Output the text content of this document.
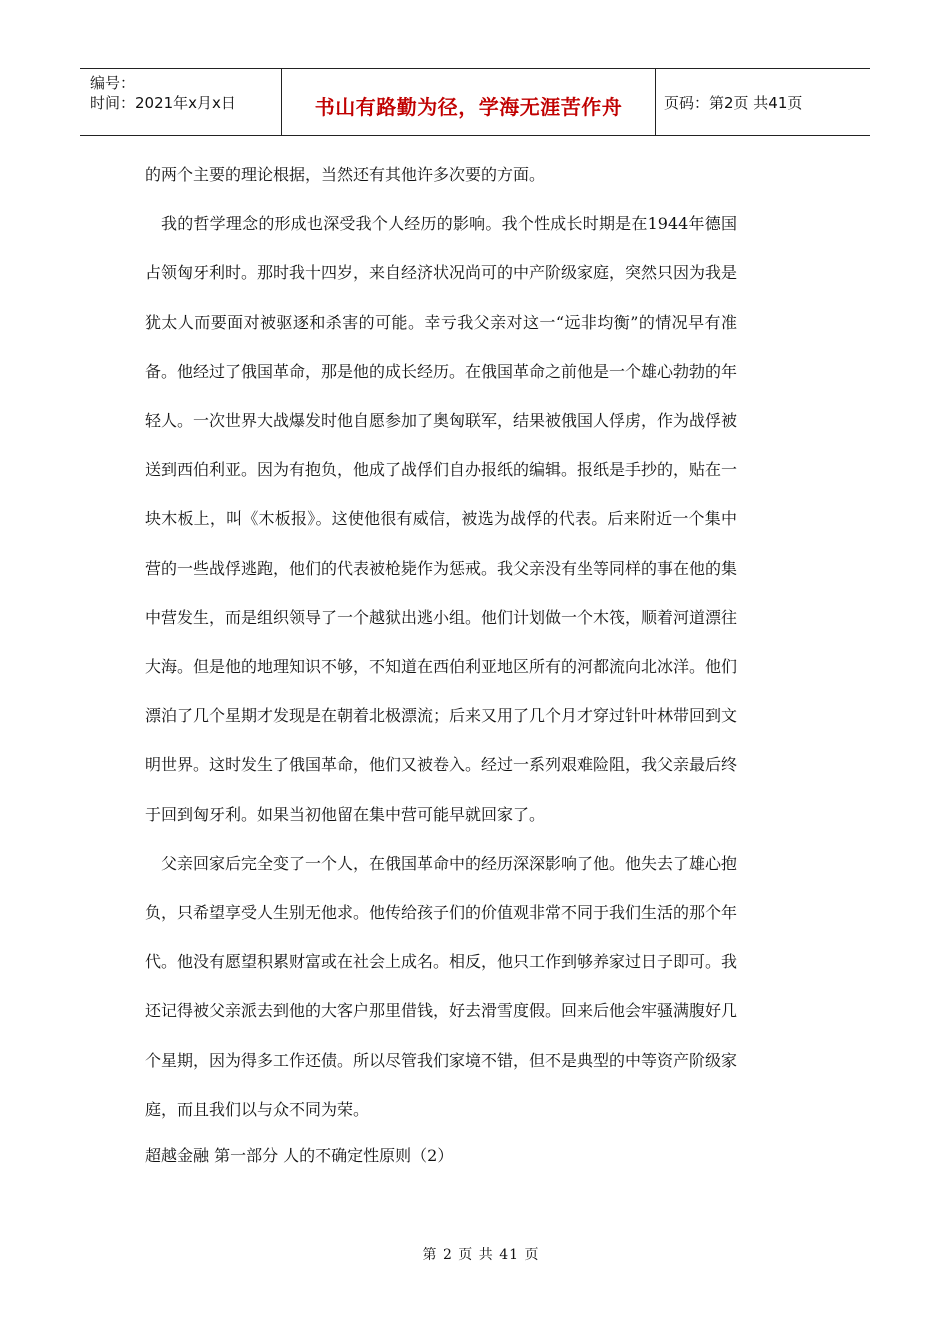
编号：
时间：2021年x月x日	书山有路勤为径，学海无涯苦作舟	页码：第2页 共41页

的两个主要的理论根据，当然还有其他许多次要的方面。

我的哲学理念的形成也深受我个人经历的影响。我个性成长时期是在1944年德国占领匈牙利时。那时我十四岁，来自经济状况尚可的中产阶级家庭，突然只因为我是犹太人而要面对被驱逐和杀害的可能。幸亏我父亲对这一“远非均衡”的情况早有准备。他经过了俄国革命，那是他的成长经历。在俄国革命之前他是一个雄心勃勃的年轻人。一次世界大战爆发时他自愿参加了奥匈联军，结果被俄国人俘虏，作为战俘被送到西伯利亚。因为有抱负，他成了战俘们自办报纸的编辑。报纸是手抄的，贴在一块木板上，叫《木板报》。这使他很有威信，被选为战俘的代表。后来附近一个集中营的一些战俘逃跑，他们的代表被枪毙作为惩戒。我父亲没有坐等同样的事在他的集中营发生，而是组织领导了一个越狱出逃小组。他们计划做一个木筏，顺着河道漂往大海。但是他的地理知识不够，不知道在西伯利亚地区所有的河都流向北冰洋。他们漂泊了几个星期才发现是在朝着北极漂流；后来又用了几个月才穿过针叶林带回到文明世界。这时发生了俄国革命，他们又被卷入。经过一系列艰难险阻，我父亲最后终于回到匈牙利。如果当初他留在集中营可能早就回家了。

父亲回家后完全变了一个人，在俄国革命中的经历深深影响了他。他失去了雄心抱负，只希望享受人生别无他求。他传给孩子们的价值观非常不同于我们生活的那个年代。他没有愿望积累财富或在社会上成名。相反，他只工作到够养家过日子即可。我还记得被父亲派去到他的大客户那里借钱，好去滑雪度假。回来后他会牢骚满腹好几个星期，因为得多工作还债。所以尽管我们家境不错，但不是典型的中等资产阶级家庭，而且我们以与众不同为荣。

超越金融 第一部分 人的不确定性原则（2）

第 2 页 共 41 页
